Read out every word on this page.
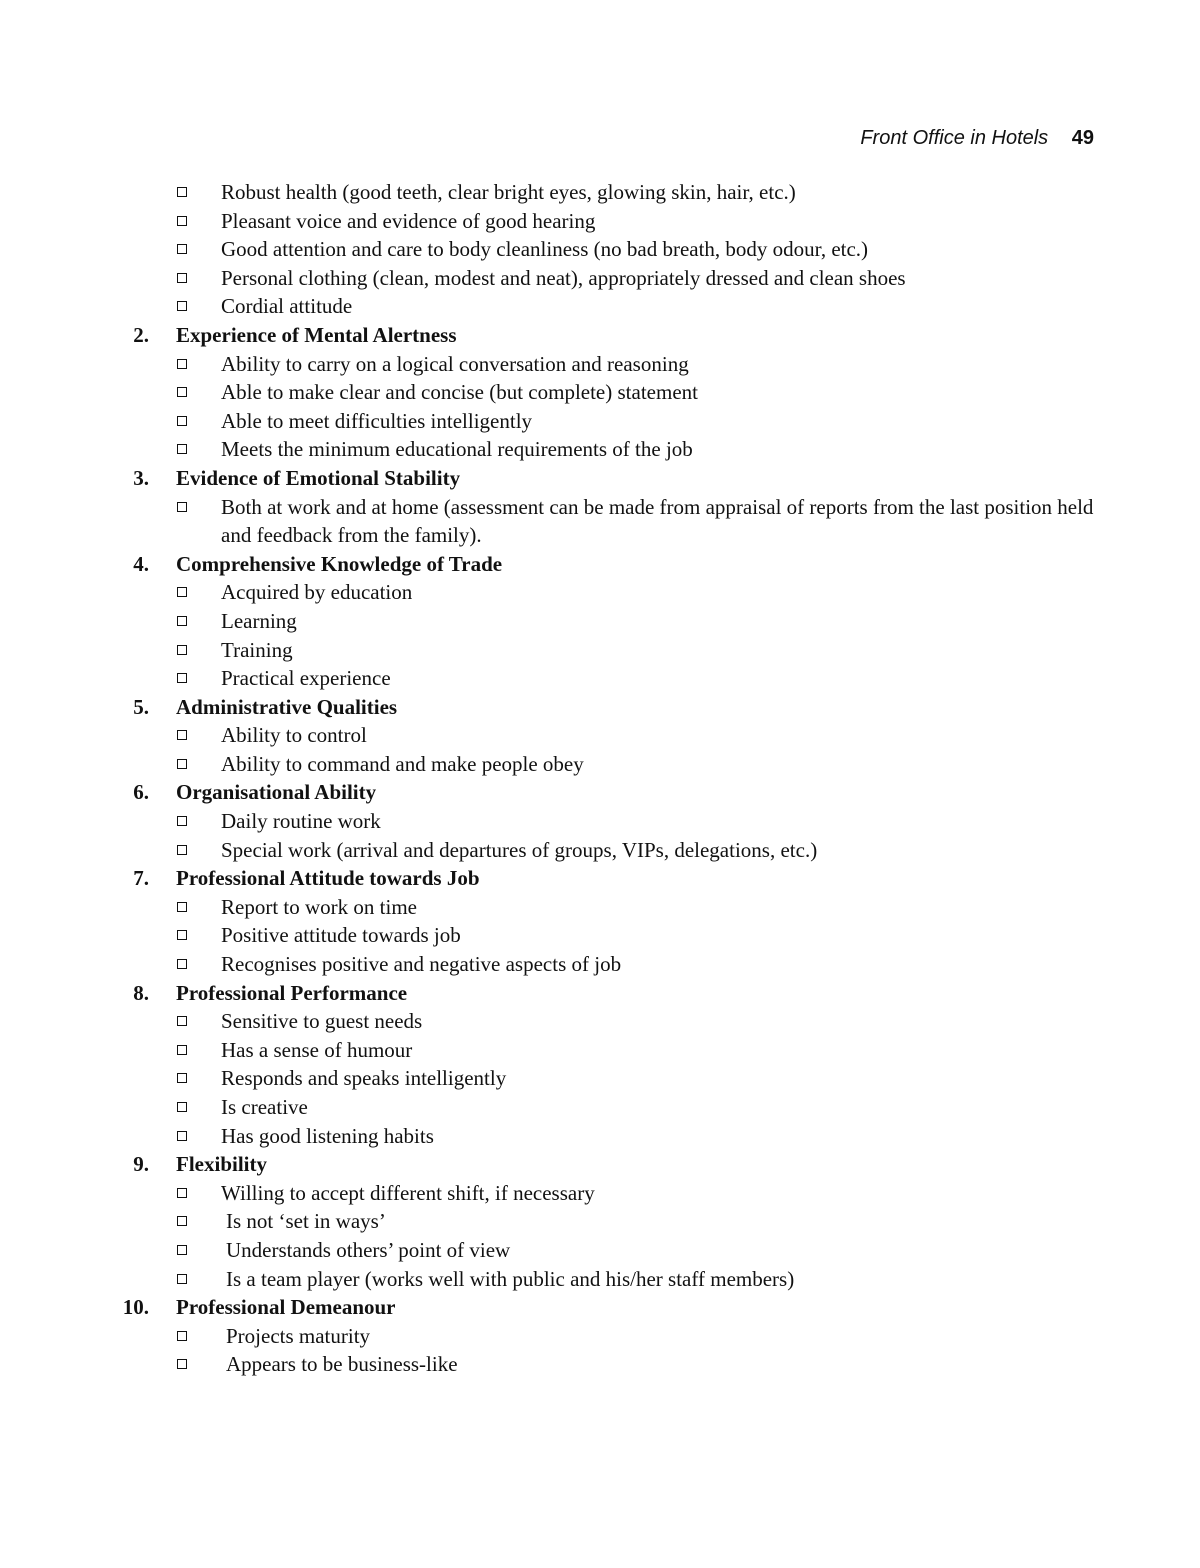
Front Office in Hotels 49
Robust health (good teeth, clear bright eyes, glowing skin, hair, etc.)
Pleasant voice and evidence of good hearing
Good attention and care to body cleanliness (no bad breath, body odour, etc.)
Personal clothing (clean, modest and neat), appropriately dressed and clean shoes
Cordial attitude
2. Experience of Mental Alertness
Ability to carry on a logical conversation and reasoning
Able to make clear and concise (but complete) statement
Able to meet difficulties intelligently
Meets the minimum educational requirements of the job
3. Evidence of Emotional Stability
Both at work and at home (assessment can be made from appraisal of reports from the last position held and feedback from the family).
4. Comprehensive Knowledge of Trade
Acquired by education
Learning
Training
Practical experience
5. Administrative Qualities
Ability to control
Ability to command and make people obey
6. Organisational Ability
Daily routine work
Special work (arrival and departures of groups, VIPs, delegations, etc.)
7. Professional Attitude towards Job
Report to work on time
Positive attitude towards job
Recognises positive and negative aspects of job
8. Professional Performance
Sensitive to guest needs
Has a sense of humour
Responds and speaks intelligently
Is creative
Has good listening habits
9. Flexibility
Willing to accept different shift, if necessary
Is not ‘set in ways’
Understands others’ point of view
Is a team player (works well with public and his/her staff members)
10. Professional Demeanour
Projects maturity
Appears to be business-like
